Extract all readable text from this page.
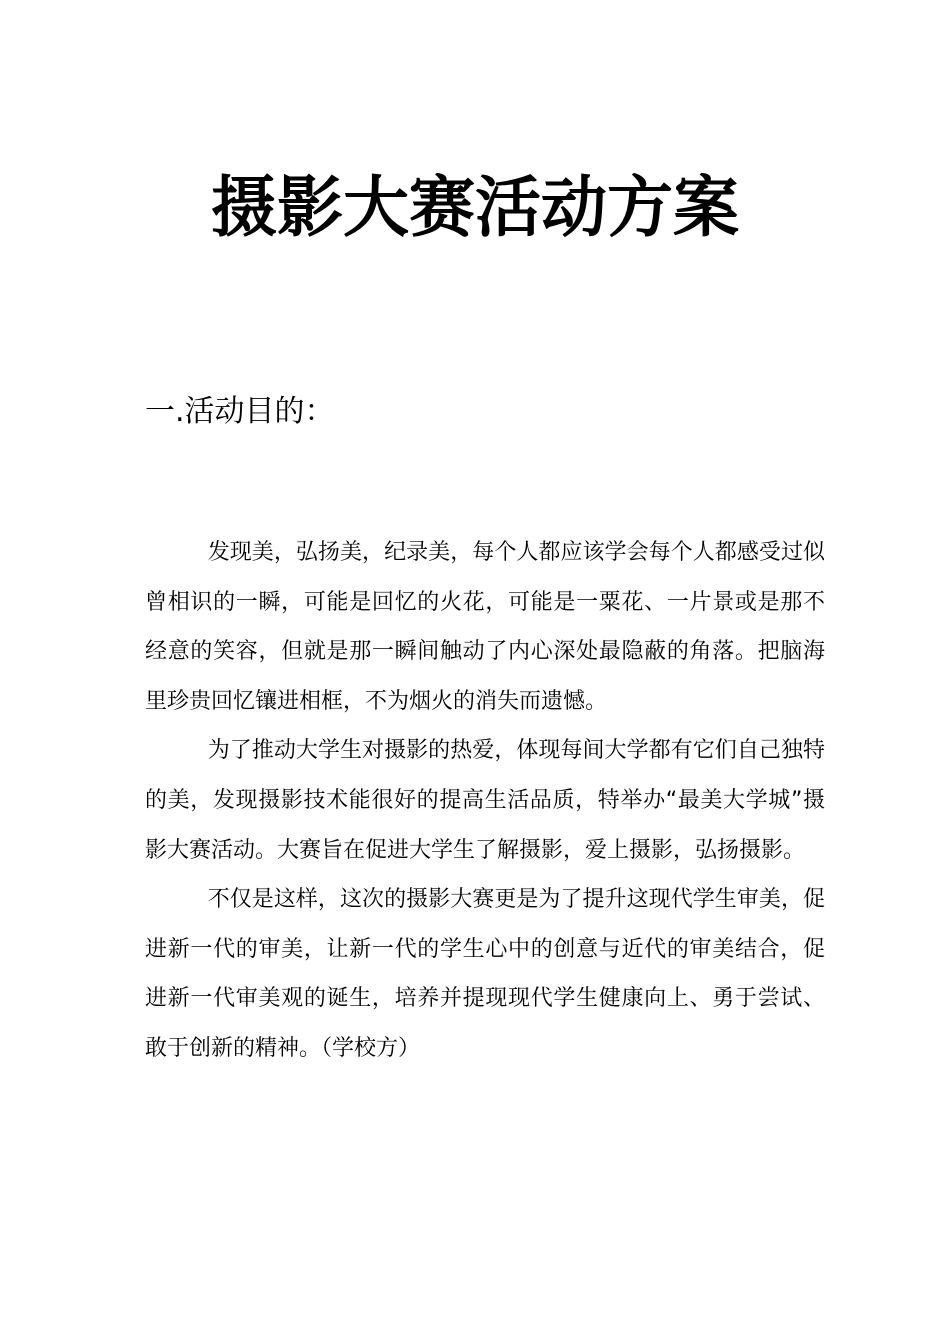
摄影大赛活动方案
一.活动目的：

发现美，弘扬美，纪录美，每个人都应该学会每个人都感受过似曾相识的一瞬，可能是回忆的火花，可能是一粟花、一片景或是那不经意的笑容，但就是那一瞬间触动了内心深处最隐蔽的角落。把脑海里珍贵回忆镶进相框，不为烟火的消失而遗憾。

为了推动大学生对摄影的热爱，体现每间大学都有它们自己独特的美，发现摄影技术能很好的提高生活品质，特举办“最美大学城”摄影大赛活动。大赛旨在促进大学生了解摄影，爱上摄影，弘扬摄影。

不仅是这样，这次的摄影大赛更是为了提升这现代学生审美，促进新一代的审美，让新一代的学生心中的创意与近代的审美结合，促进新一代审美观的诞生，培养并提现现代学生健康向上、勇于尝试、敢于创新的精神。（学校方）
